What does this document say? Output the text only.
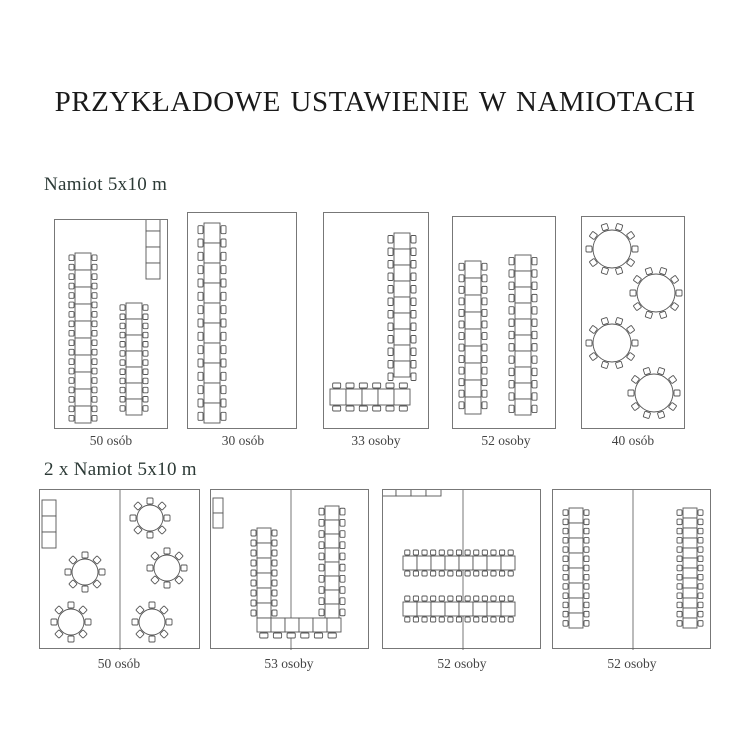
PRZYKŁADOWE USTAWIENIE W NAMIOTACH
Namiot 5x10 m
50 osób	30 osób	33 osoby	52 osoby	40 osób
2 x Namiot 5x10 m
50 osób	53 osoby	52 osoby	52 osoby
